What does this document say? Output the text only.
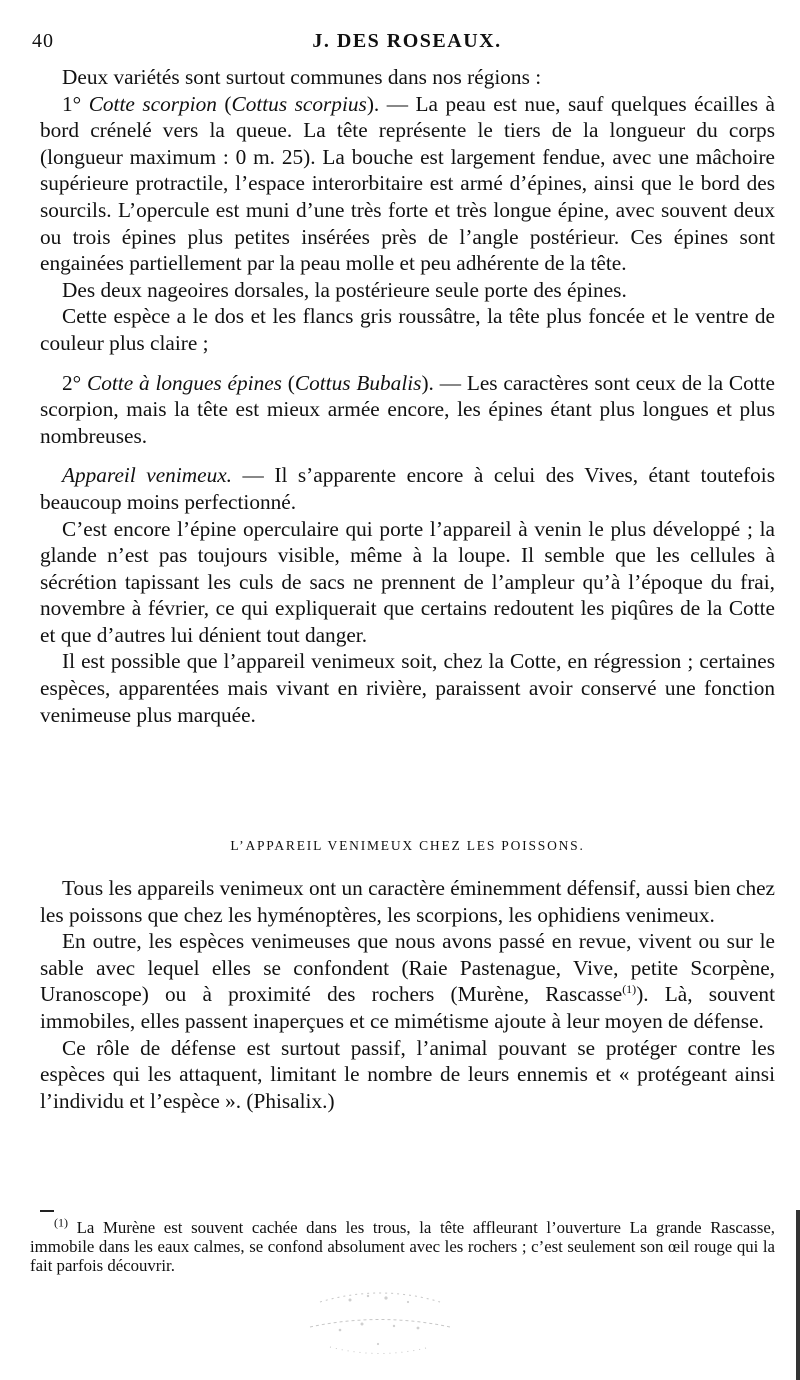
40	J. DES ROSEAUX.

Deux variétés sont surtout communes dans nos régions :

1° Cotte scorpion (Cottus scorpius). — La peau est nue, sauf quelques écailles à bord crénelé vers la queue. La tête représente le tiers de la longueur du corps (longueur maximum : 0 m. 25). La bouche est largement fendue, avec une mâchoire supérieure protractile, l’espace interorbitaire est armé d’épines, ainsi que le bord des sourcils. L’opercule est muni d’une très forte et très longue épine, avec souvent deux ou trois épines plus petites insérées près de l’angle postérieur. Ces épines sont engainées partiellement par la peau molle et peu adhérente de la tête.

Des deux nageoires dorsales, la postérieure seule porte des épines.

Cette espèce a le dos et les flancs gris roussâtre, la tête plus foncée et le ventre de couleur plus claire ;

2° Cotte à longues épines (Cottus Bubalis). — Les caractères sont ceux de la Cotte scorpion, mais la tête est mieux armée encore, les épines étant plus longues et plus nombreuses.

Appareil venimeux. — Il s’apparente encore à celui des Vives, étant toutefois beaucoup moins perfectionné.

C’est encore l’épine operculaire qui porte l’appareil à venin le plus développé ; la glande n’est pas toujours visible, même à la loupe. Il semble que les cellules à sécrétion tapissant les culs de sacs ne prennent de l’ampleur qu’à l’époque du frai, novembre à février, ce qui expliquerait que certains redoutent les piqûres de la Cotte et que d’autres lui dénient tout danger.

Il est possible que l’appareil venimeux soit, chez la Cotte, en régression ; certaines espèces, apparentées mais vivant en rivière, paraissent avoir conservé une fonction venimeuse plus marquée.

L’APPAREIL VENIMEUX CHEZ LES POISSONS.

Tous les appareils venimeux ont un caractère éminemment défensif, aussi bien chez les poissons que chez les hyménoptères, les scorpions, les ophidiens venimeux.

En outre, les espèces venimeuses que nous avons passé en revue, vivent ou sur le sable avec lequel elles se confondent (Raie Pastenague, Vive, petite Scorpène, Uranoscope) ou à proximité des rochers (Murène, Rascasse$^{(1)}$). Là, souvent immobiles, elles passent inaperçues et ce mimétisme ajoute à leur moyen de défense.

Ce rôle de défense est surtout passif, l’animal pouvant se protéger contre les espèces qui les attaquent, limitant le nombre de leurs ennemis et « protégeant ainsi l’individu et l’espèce ». (Phisalix.)

$^{(1)}$ La Murène est souvent cachée dans les trous, la tête affleurant l’ouverture La grande Rascasse, immobile dans les eaux calmes, se confond absolument avec les rochers ; c’est seulement son œil rouge qui la fait parfois découvrir.
